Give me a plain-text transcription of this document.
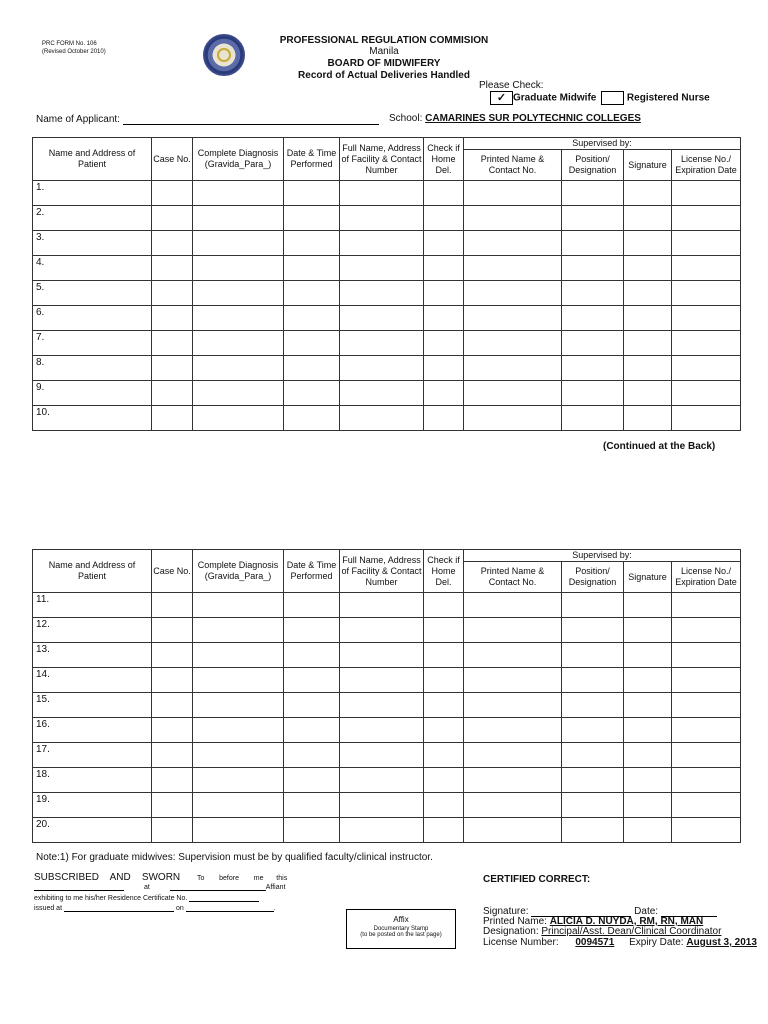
PRC FORM No. 106
(Revised October 2010)
PROFESSIONAL REGULATION COMMISION
Manila
BOARD OF MIDWIFERY
Record of Actual Deliveries Handled
Please Check:
✓ Graduate Midwife	Registered Nurse
Name of Applicant:	School: CAMARINES SUR POLYTECHNIC COLLEGES
Name and Address of Patient	Case No.	Complete Diagnosis (Gravida_Para_)	Date & Time Performed	Full Name, Address of Facility & Contact Number	Check if Home Del.	Supervised by:			
						Printed Name & Contact No.	Position/ Designation	Signature	License No./ Expiration Date
1.									
2.									
3.									
4.									
5.									
6.									
7.									
8.									
9.									
10.									
(Continued at the Back)
Name and Address of Patient	Case No.	Complete Diagnosis (Gravida_Para_)	Date & Time Performed	Full Name, Address of Facility & Contact Number	Check if Home Del.	Supervised by:			
						Printed Name & Contact No.	Position/ Designation	Signature	License No./ Expiration Date
11.									
12.									
13.									
14.									
15.									
16.									
17.									
18.									
19.									
20.									
Note:1) For graduate midwives: Supervision must be by qualified faculty/clinical instructor.
SUBSCRIBED AND SWORN To before me this
at	Affiant
exhibiting to me his/her Residence Certificate No.
issued at	on	.
Affix
Documentary Stamp
(to be posted on the last page)
CERTIFIED CORRECT:
Signature:	Date:
Printed Name: ALICIA D. NUYDA, RM, RN, MAN
Designation: Principal/Asst. Dean/Clinical Coordinator
License Number: 0094571 Expiry Date: August 3, 2013
